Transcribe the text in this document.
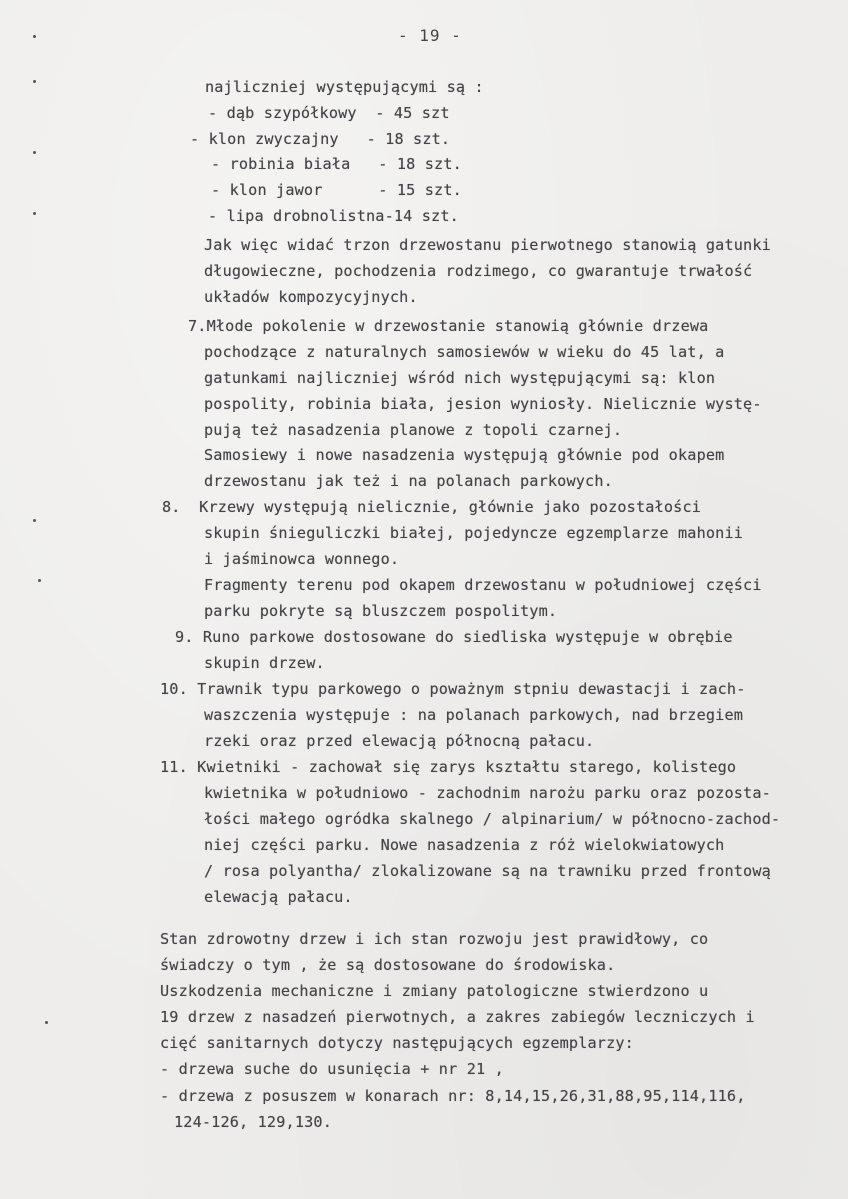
- 19 -
najliczniej występującymi są :
- dąb szypółkowy  - 45 szt
- klon zwyczajny   - 18 szt.
- robinia biała   - 18 szt.
- klon jawor      - 15 szt.
- lipa drobnolistna-14 szt.
Jak więc widać trzon drzewostanu pierwotnego stanowią gatunki
długowieczne, pochodzenia rodzimego, co gwarantuje trwałość
układów kompozycyjnych.
7.Młode pokolenie w drzewostanie stanowią głównie drzewa
pochodzące z naturalnych samosiewów w wieku do 45 lat, a
gatunkami najliczniej wśród nich występującymi są: klon
pospolity, robinia biała, jesion wyniosły. Nielicznie wystę-
pują też nasadzenia planowe z topoli czarnej.
Samosiewy i nowe nasadzenia występują głównie pod okapem
drzewostanu jak też i na polanach parkowych.
8.  Krzewy występują nielicznie, głównie jako pozostałości
skupin śnieguliczki białej, pojedyncze egzemplarze mahonii
i jaśminowca wonnego.
Fragmenty terenu pod okapem drzewostanu w południowej części
parku pokryte są bluszczem pospolitym.
9. Runo parkowe dostosowane do siedliska występuje w obrębie
skupin drzew.
10. Trawnik typu parkowego o poważnym stpniu dewastacji i zach-
waszczenia występuje : na polanach parkowych, nad brzegiem
rzeki oraz przed elewacją północną pałacu.
11. Kwietniki - zachował się zarys kształtu starego, kolistego
kwietnika w południowo - zachodnim narożu parku oraz pozosta-
łości małego ogródka skalnego / alpinarium/ w północno-zachod-
niej części parku. Nowe nasadzenia z róż wielokwiatowych
/ rosa polyantha/ zlokalizowane są na trawniku przed frontową
elewacją pałacu.
Stan zdrowotny drzew i ich stan rozwoju jest prawidłowy, co
świadczy o tym , że są dostosowane do środowiska.
Uszkodzenia mechaniczne i zmiany patologiczne stwierdzono u
19 drzew z nasadzeń pierwotnych, a zakres zabiegów leczniczych i
cięć sanitarnych dotyczy następujących egzemplarzy:
- drzewa suche do usunięcia + nr 21 ,
- drzewa z posuszem w konarach nr: 8,14,15,26,31,88,95,114,116,
124-126, 129,130.
